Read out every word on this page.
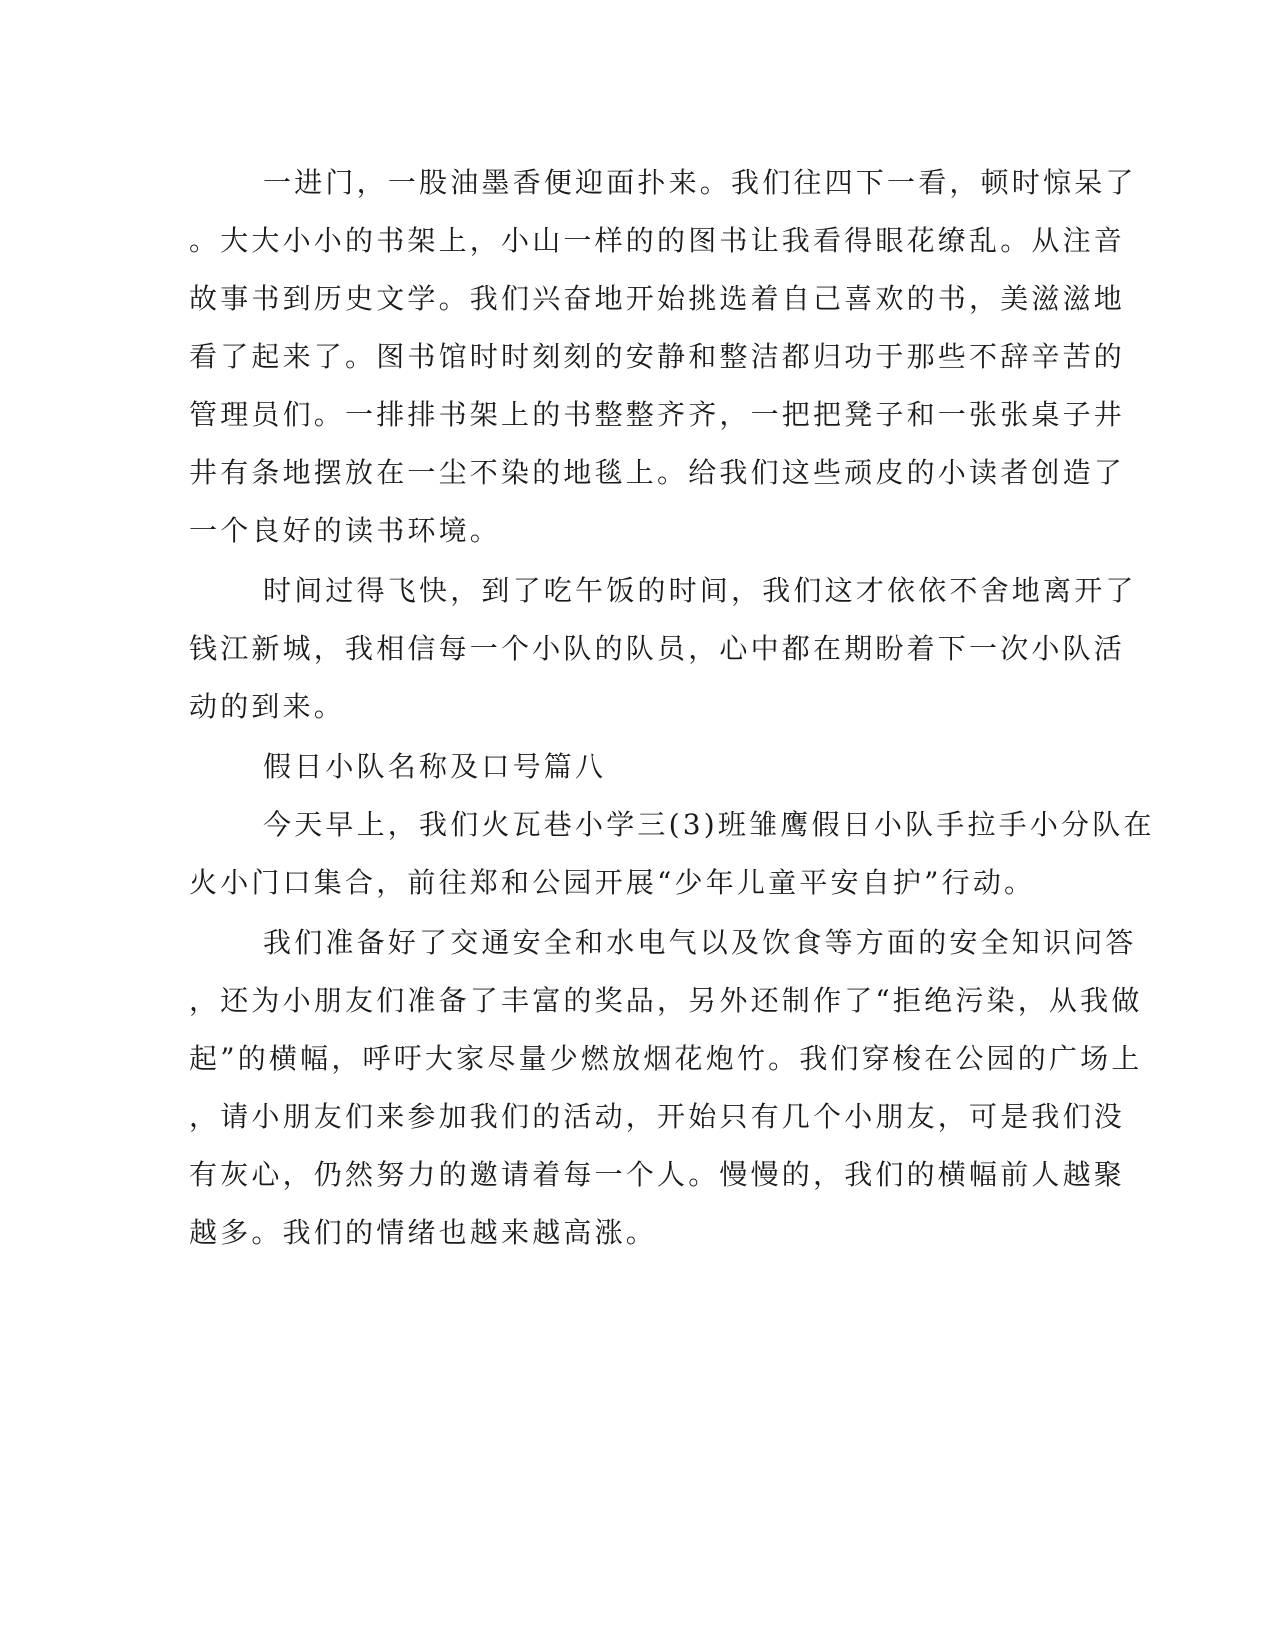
一进门，一股油墨香便迎面扑来。我们往四下一看，顿时惊呆了
。大大小小的书架上，小山一样的的图书让我看得眼花缭乱。从注音
故事书到历史文学。我们兴奋地开始挑选着自己喜欢的书，美滋滋地
看了起来了。图书馆时时刻刻的安静和整洁都归功于那些不辞辛苦的
管理员们。一排排书架上的书整整齐齐，一把把凳子和一张张桌子井
井有条地摆放在一尘不染的地毯上。给我们这些顽皮的小读者创造了
一个良好的读书环境。
时间过得飞快，到了吃午饭的时间，我们这才依依不舍地离开了
钱江新城，我相信每一个小队的队员，心中都在期盼着下一次小队活
动的到来。
假日小队名称及口号篇八
今天早上，我们火瓦巷小学三(3)班雏鹰假日小队手拉手小分队在
火小门口集合，前往郑和公园开展“少年儿童平安自护”行动。
我们准备好了交通安全和水电气以及饮食等方面的安全知识问答
，还为小朋友们准备了丰富的奖品，另外还制作了“拒绝污染，从我做
起”的横幅，呼吁大家尽量少燃放烟花炮竹。我们穿梭在公园的广场上
，请小朋友们来参加我们的活动，开始只有几个小朋友，可是我们没
有灰心，仍然努力的邀请着每一个人。慢慢的，我们的横幅前人越聚
越多。我们的情绪也越来越高涨。
